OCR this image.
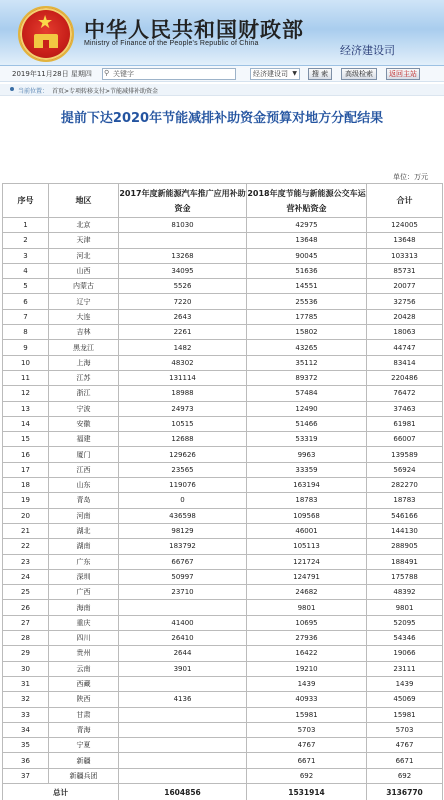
★ 中华人民共和国财政部
Ministry of Finance of the People's Republic of China
经济建设司
2019年11月28日 星期四	关键字
⚲	经济建设司 ▼	搜 索	高级检索	返回主站
当前位置： 首页>专项转移支付>节能减排补助资金
提前下达2020年节能减排补助资金预算对地方分配结果
单位：万元
序号	地区	2017年度新能源汽车推广应用补助资金	2018年度节能与新能源公交车运营补贴资金	合计
1	北京	81030	42975	124005
2	天津		13648	13648
3	河北	13268	90045	103313
4	山西	34095	51636	85731
5	内蒙古	5526	14551	20077
6	辽宁	7220	25536	32756
7	大连	2643	17785	20428
8	吉林	2261	15802	18063
9	黑龙江	1482	43265	44747
10	上海	48302	35112	83414
11	江苏	131114	89372	220486
12	浙江	18988	57484	76472
13	宁波	24973	12490	37463
14	安徽	10515	51466	61981
15	福建	12688	53319	66007
16	厦门	129626	9963	139589
17	江西	23565	33359	56924
18	山东	119076	163194	282270
19	青岛	0	18783	18783
20	河南	436598	109568	546166
21	湖北	98129	46001	144130
22	湖南	183792	105113	288905
23	广东	66767	121724	188491
24	深圳	50997	124791	175788
25	广西	23710	24682	48392
26	海南		9801	9801
27	重庆	41400	10695	52095
28	四川	26410	27936	54346
29	贵州	2644	16422	19066
30	云南	3901	19210	23111
31	西藏		1439	1439
32	陕西	4136	40933	45069
33	甘肃		15981	15981
34	青海		5703	5703
35	宁夏		4767	4767
36	新疆		6671	6671
37	新疆兵团		692	692
总计		1604856	1531914	3136770
